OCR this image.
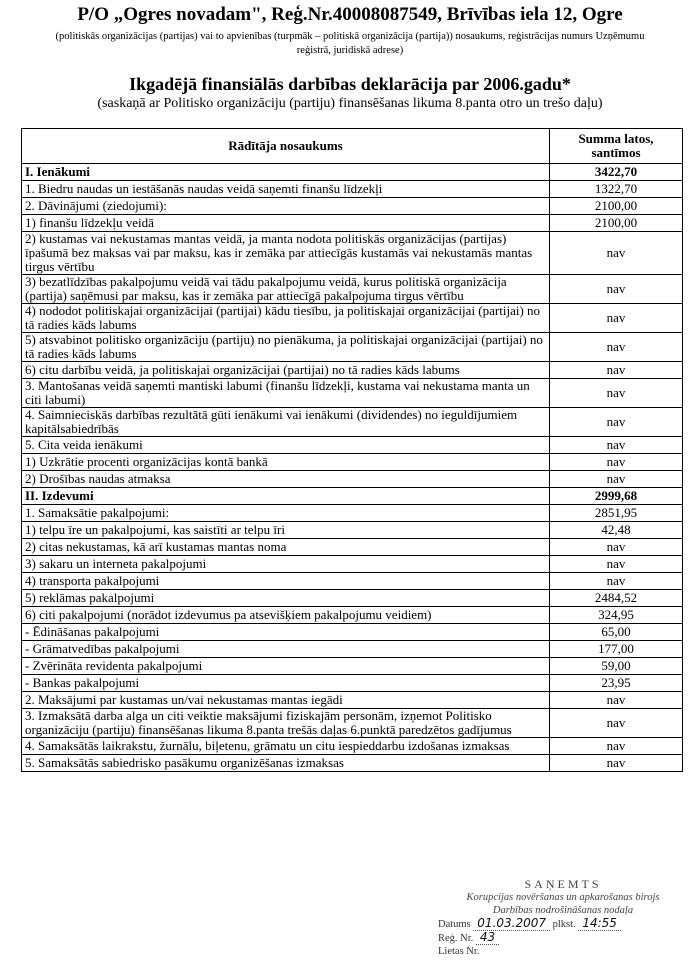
P/O „Ogres novadam", Reģ.Nr.40008087549, Brīvības iela 12, Ogre
(politiskās organizācijas (partijas) vai to apvienības (turpmāk – politiskā organizācija (partija)) nosaukums, reģistrācijas numurs Uzņēmumu reģistrā, juridiskā adrese)
Ikgadējā finansiālās darbības deklarācija par 2006.gadu*
(saskaņā ar Politisko organizāciju (partiju) finansēšanas likuma 8.panta otro un trešo daļu)
Rādītāja nosaukums	Summa latos, santīmos
I. Ienākumi	3422,70
1. Biedru naudas un iestāšanās naudas veidā saņemti finanšu līdzekļi	1322,70
2. Dāvinājumi (ziedojumi):	2100,00
1) finanšu līdzekļu veidā	2100,00
2) kustamas vai nekustamas mantas veidā, ja manta nodota politiskās organizācijas (partijas) īpašumā bez maksas vai par maksu, kas ir zemāka par attiecīgās kustamās vai nekustamās mantas tirgus vērtību	nav
3) bezatlīdzības pakalpojumu veidā vai tādu pakalpojumu veidā, kurus politiskā organizācija (partija) saņēmusi par maksu, kas ir zemāka par attiecīgā pakalpojuma tirgus vērtību	nav
4) nododot politiskajai organizācijai (partijai) kādu tiesību, ja politiskajai organizācijai (partijai) no tā radies kāds labums	nav
5) atsvabinot politisko organizāciju (partiju) no pienākuma, ja politiskajai organizācijai (partijai) no tā radies kāds labums	nav
6) citu darbību veidā, ja politiskajai organizācijai (partijai) no tā radies kāds labums	nav
3. Mantošanas veidā saņemti mantiski labumi (finanšu līdzekļi, kustama vai nekustama manta un citi labumi)	nav
4. Saimnieciskās darbības rezultātā gūti ienākumi vai ienākumi (dividendes) no ieguldījumiem kapitālsabiedrībās	nav
5. Cita veida ienākumi	nav
1) Uzkrātie procenti organizācijas kontā bankā	nav
2) Drošības naudas atmaksa	nav
II. Izdevumi	2999,68
1. Samaksātie pakalpojumi:	2851,95
1) telpu īre un pakalpojumi, kas saistīti ar telpu īri	42,48
2) citas nekustamas, kā arī kustamas mantas noma	nav
3) sakaru un interneta pakalpojumi	nav
4) transporta pakalpojumi	nav
5) reklāmas pakalpojumi	2484,52
6) citi pakalpojumi (norādot izdevumus pa atsevišķiem pakalpojumu veidiem)	324,95
- Ēdināšanas pakalpojumi	65,00
- Grāmatvedības pakalpojumi	177,00
- Zvērināta revidenta pakalpojumi	59,00
- Bankas pakalpojumi	23,95
2. Maksājumi par kustamas un/vai nekustamas mantas iegādi	nav
3. Izmaksātā darba alga un citi veiktie maksājumi fiziskajām personām, izņemot Politisko organizāciju (partiju) finansēšanas likuma 8.panta trešās daļas 6.punktā paredzētos gadījumus	nav
4. Samaksātās laikrakstu, žurnālu, biļetenu, grāmatu un citu iespieddarbu izdošanas izmaksas	nav
5. Samaksātās sabiedrisko pasākumu organizēšanas izmaksas	nav
SAŅEMTS
Korupcijas novēršanas un apkarošanas birojs
Darbības nodrošināšanas nodaļa
Datums 01.03.2007 plkst. 14:55
Reģ. Nr. 43
Lietas Nr.
